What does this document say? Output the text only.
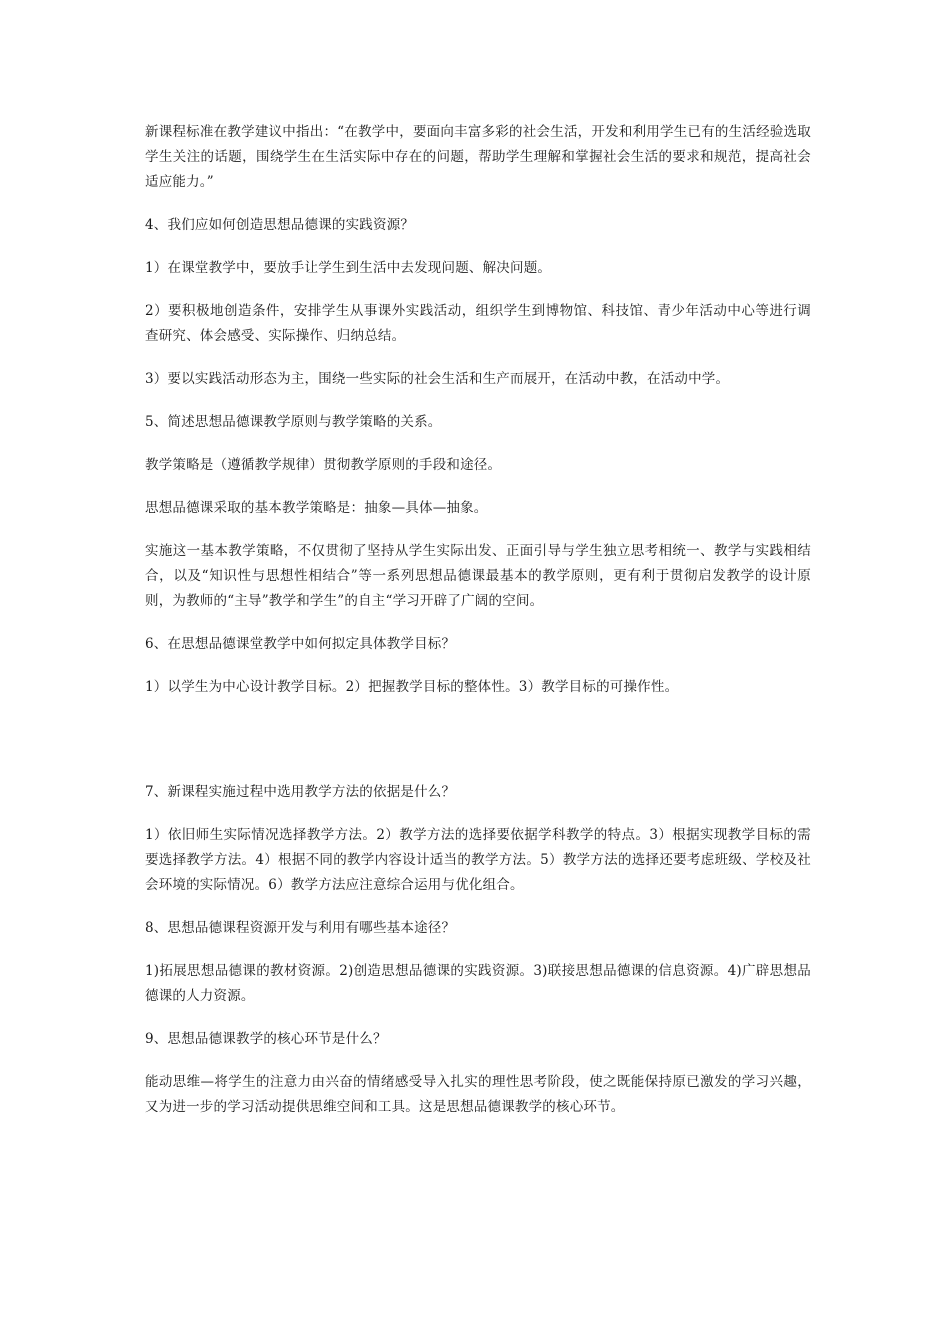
新课程标准在教学建议中指出：“在教学中，要面向丰富多彩的社会生活，开发和利用学生已有的生活经验选取学生关注的话题，围绕学生在生活实际中存在的问题，帮助学生理解和掌握社会生活的要求和规范，提高社会适应能力。”

4、我们应如何创造思想品德课的实践资源？

1）在课堂教学中，要放手让学生到生活中去发现问题、解决问题。

2）要积极地创造条件，安排学生从事课外实践活动，组织学生到博物馆、科技馆、青少年活动中心等进行调查研究、体会感受、实际操作、归纳总结。

3）要以实践活动形态为主，围绕一些实际的社会生活和生产而展开，在活动中教，在活动中学。

5、简述思想品德课教学原则与教学策略的关系。

教学策略是（遵循教学规律）贯彻教学原则的手段和途径。

思想品德课采取的基本教学策略是：抽象—具体—抽象。

实施这一基本教学策略，不仅贯彻了坚持从学生实际出发、正面引导与学生独立思考相统一、教学与实践相结合，以及“知识性与思想性相结合”等一系列思想品德课最基本的教学原则，更有利于贯彻启发教学的设计原则，为教师的“主导”教学和学生”的自主“学习开辟了广阔的空间。

6、在思想品德课堂教学中如何拟定具体教学目标？

1）以学生为中心设计教学目标。2）把握教学目标的整体性。3）教学目标的可操作性。

7、新课程实施过程中选用教学方法的依据是什么？

1）依旧师生实际情况选择教学方法。2）教学方法的选择要依据学科教学的特点。3）根据实现教学目标的需要选择教学方法。4）根据不同的教学内容设计适当的教学方法。5）教学方法的选择还要考虑班级、学校及社会环境的实际情况。6）教学方法应注意综合运用与优化组合。

8、思想品德课程资源开发与利用有哪些基本途径？

1)拓展思想品德课的教材资源。2)创造思想品德课的实践资源。3)联接思想品德课的信息资源。4)广辟思想品德课的人力资源。

9、思想品德课教学的核心环节是什么？

能动思维—将学生的注意力由兴奋的情绪感受导入扎实的理性思考阶段，使之既能保持原已激发的学习兴趣，又为进一步的学习活动提供思维空间和工具。这是思想品德课教学的核心环节。
